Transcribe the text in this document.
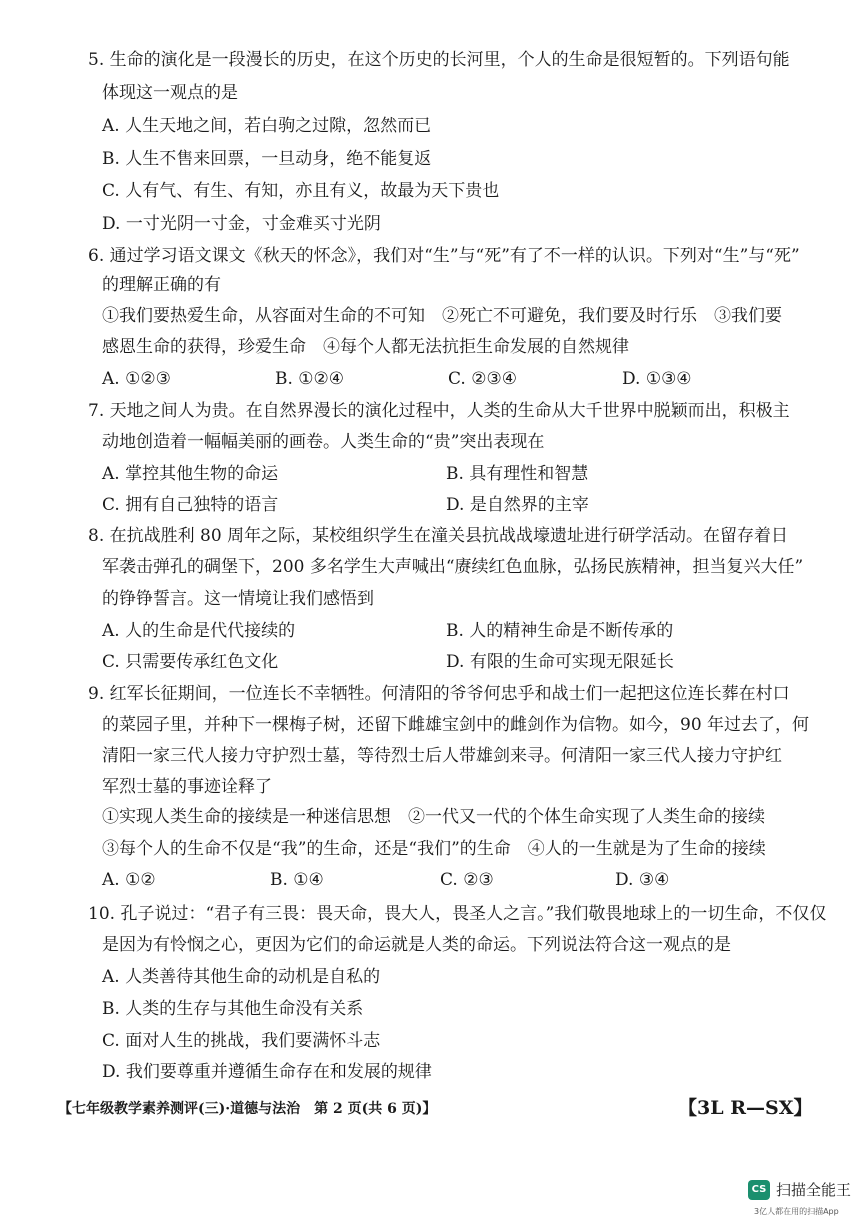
5. 生命的演化是一段漫长的历史，在这个历史的长河里，个人的生命是很短暂的。下列语句能
体现这一观点的是
A. 人生天地之间，若白驹之过隙，忽然而已
B. 人生不售来回票，一旦动身，绝不能复返
C. 人有气、有生、有知，亦且有义，故最为天下贵也
D. 一寸光阴一寸金，寸金难买寸光阴
6. 通过学习语文课文《秋天的怀念》，我们对“生”与“死”有了不一样的认识。下列对“生”与“死”
的理解正确的有
①我们要热爱生命，从容面对生命的不可知　②死亡不可避免，我们要及时行乐　③我们要
感恩生命的获得，珍爱生命　④每个人都无法抗拒生命发展的自然规律
A. ①②③	B. ①②④	C. ②③④	D. ①③④
7. 天地之间人为贵。在自然界漫长的演化过程中，人类的生命从大千世界中脱颖而出，积极主
动地创造着一幅幅美丽的画卷。人类生命的“贵”突出表现在
A. 掌控其他生物的命运	B. 具有理性和智慧
C. 拥有自己独特的语言	D. 是自然界的主宰
8. 在抗战胜利 80 周年之际，某校组织学生在潼关县抗战战壕遗址进行研学活动。在留存着日
军袭击弹孔的碉堡下，200 多名学生大声喊出“赓续红色血脉，弘扬民族精神，担当复兴大任”
的铮铮誓言。这一情境让我们感悟到
A. 人的生命是代代接续的	B. 人的精神生命是不断传承的
C. 只需要传承红色文化	D. 有限的生命可实现无限延长
9. 红军长征期间，一位连长不幸牺牲。何清阳的爷爷何忠乎和战士们一起把这位连长葬在村口
的菜园子里，并种下一棵梅子树，还留下雌雄宝剑中的雌剑作为信物。如今，90 年过去了，何
清阳一家三代人接力守护烈士墓，等待烈士后人带雄剑来寻。何清阳一家三代人接力守护红
军烈士墓的事迹诠释了
①实现人类生命的接续是一种迷信思想　②一代又一代的个体生命实现了人类生命的接续
③每个人的生命不仅是“我”的生命，还是“我们”的生命　④人的一生就是为了生命的接续
A. ①②	B. ①④	C. ②③	D. ③④
10. 孔子说过：“君子有三畏：畏天命，畏大人，畏圣人之言。”我们敬畏地球上的一切生命，不仅仅
是因为有怜悯之心，更因为它们的命运就是人类的命运。下列说法符合这一观点的是
A. 人类善待其他生命的动机是自私的
B. 人类的生存与其他生命没有关系
C. 面对人生的挑战，我们要满怀斗志
D. 我们要尊重并遵循生命存在和发展的规律
【七年级教学素养测评(三)·道德与法治　第 2 页(共 6 页)】	【3L R—SX】
CS 扫描全能王
3亿人都在用的扫描App
